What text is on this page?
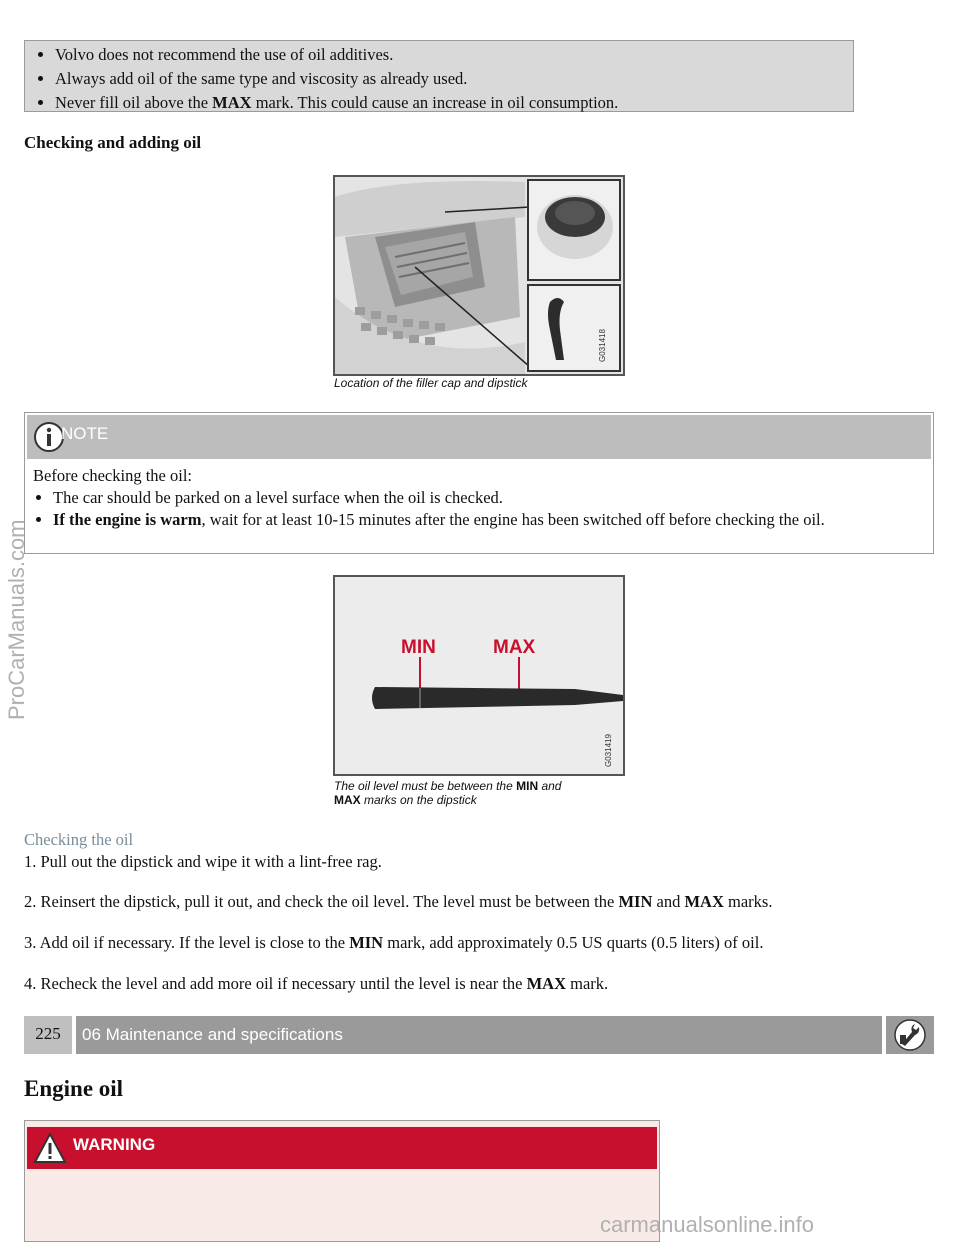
• Volvo does not recommend the use of oil additives.
• Always add oil of the same type and viscosity as already used.
• Never fill oil above the MAX mark. This could cause an increase in oil consumption.
Checking and adding oil
G031418
Location of the filler cap and dipstick
NOTE
Before checking the oil:
• The car should be parked on a level surface when the oil is checked.
• If the engine is warm, wait for at least 10-15 minutes after the engine has been switched off before checking the oil.
MIN	MAX
G031419
The oil level must be between the MIN and
MAX marks on the dipstick
Checking the oil
1. Pull out the dipstick and wipe it with a lint-free rag.
2. Reinsert the dipstick, pull it out, and check the oil level. The level must be between the MIN and MAX marks.
3. Add oil if necessary. If the level is close to the MIN mark, add approximately 0.5 US quarts (0.5 liters) of oil.
4. Recheck the level and add more oil if necessary until the level is near the MAX mark.
225	06 Maintenance and specifications
Engine oil
WARNING
ProCarManuals.com
carmanualsonline.info
